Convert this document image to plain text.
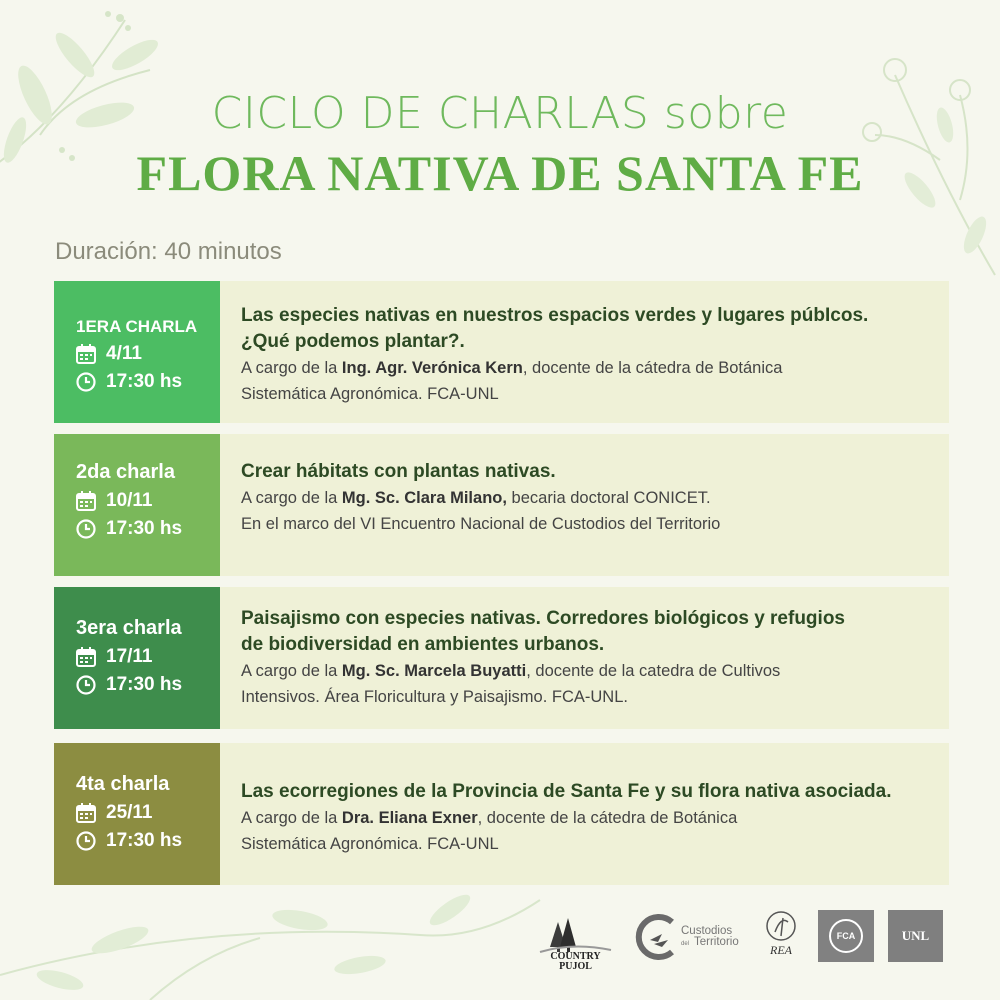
CICLO DE CHARLAS sobre
FLORA NATIVA DE SANTA FE
Duración: 40 minutos
1ERA CHARLA
4/11
17:30 hs
Las especies nativas en nuestros espacios verdes y lugares púbIcos.
¿Qué podemos plantar?.
A cargo de la Ing. Agr. Verónica Kern, docente de la cátedra de Botánica
Sistemática Agronómica. FCA-UNL
2da charla
10/11
17:30 hs
Crear hábitats con plantas nativas.
A cargo de la Mg. Sc. Clara Milano, becaria doctoral CONICET.
En el marco del VI Encuentro Nacional de Custodios del Territorio
3era charla
17/11
17:30 hs
Paisajismo con especies nativas. Corredores biológicos y refugios
de biodiversidad en ambientes urbanos.
A cargo de la Mg. Sc. Marcela Buyatti, docente de la catedra de Cultivos
Intensivos. Área Floricultura y Paisajismo. FCA-UNL.
4ta charla
25/11
17:30 hs
Las ecorregiones de la Provincia de Santa Fe y su flora nativa asociada.
A cargo de la Dra. Eliana Exner, docente de la cátedra de Botánica
Sistemática Agronómica. FCA-UNL
COUNTRY PUJOL
Custodios
del Territorio
REA
FCA	UNL
